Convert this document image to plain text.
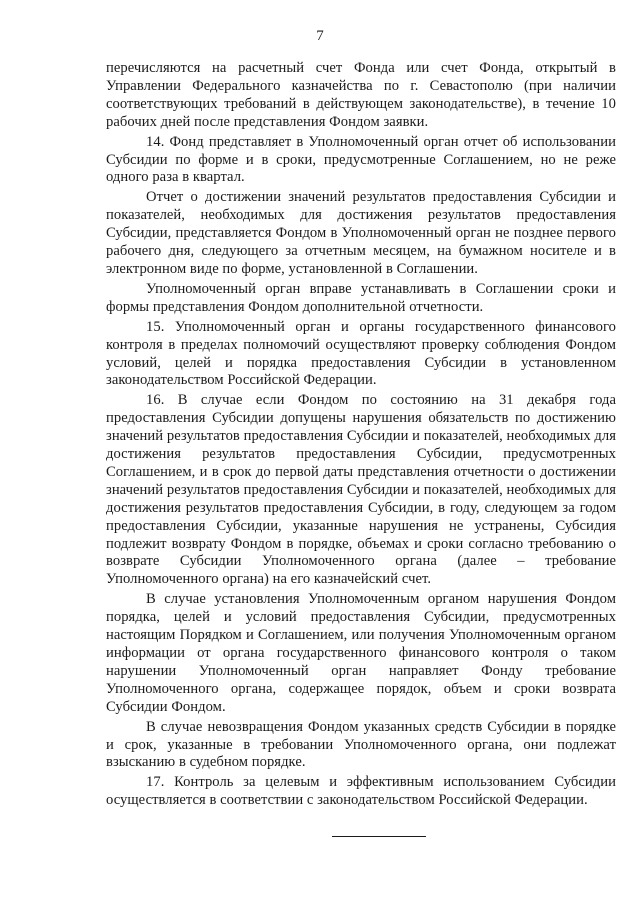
7

перечисляются на расчетный счет Фонда или счет Фонда, открытый в Управлении Федерального казначейства по г. Севастополю (при наличии соответствующих требований в действующем законодательстве), в течение 10 рабочих дней после представления Фондом заявки.

14. Фонд представляет в Уполномоченный орган отчет об использовании Субсидии по форме и в сроки, предусмотренные Соглашением, но не реже одного раза в квартал.

Отчет о достижении значений результатов предоставления Субсидии и показателей, необходимых для достижения результатов предоставления Субсидии, представляется Фондом в Уполномоченный орган не позднее первого рабочего дня, следующего за отчетным месяцем, на бумажном носителе и в электронном виде по форме, установленной в Соглашении.

Уполномоченный орган вправе устанавливать в Соглашении сроки и формы представления Фондом дополнительной отчетности.

15. Уполномоченный орган и органы государственного финансового контроля в пределах полномочий осуществляют проверку соблюдения Фондом условий, целей и порядка предоставления Субсидии в установленном законодательством Российской Федерации.

16. В случае если Фондом по состоянию на 31 декабря года предоставления Субсидии допущены нарушения обязательств по достижению значений результатов предоставления Субсидии и показателей, необходимых для достижения результатов предоставления Субсидии, предусмотренных Соглашением, и в срок до первой даты представления отчетности о достижении значений результатов предоставления Субсидии и показателей, необходимых для достижения результатов предоставления Субсидии, в году, следующем за годом предоставления Субсидии, указанные нарушения не устранены, Субсидия подлежит возврату Фондом в порядке, объемах и сроки согласно требованию о возврате Субсидии Уполномоченного органа (далее – требование Уполномоченного органа) на его казначейский счет.

В случае установления Уполномоченным органом нарушения Фондом порядка, целей и условий предоставления Субсидии, предусмотренных настоящим Порядком и Соглашением, или получения Уполномоченным органом информации от органа государственного финансового контроля о таком нарушении Уполномоченный орган направляет Фонду требование Уполномоченного органа, содержащее порядок, объем и сроки возврата Субсидии Фондом.

В случае невозвращения Фондом указанных средств Субсидии в порядке и срок, указанные в требовании Уполномоченного органа, они подлежат взысканию в судебном порядке.

17. Контроль за целевым и эффективным использованием Субсидии осуществляется в соответствии с законодательством Российской Федерации.
